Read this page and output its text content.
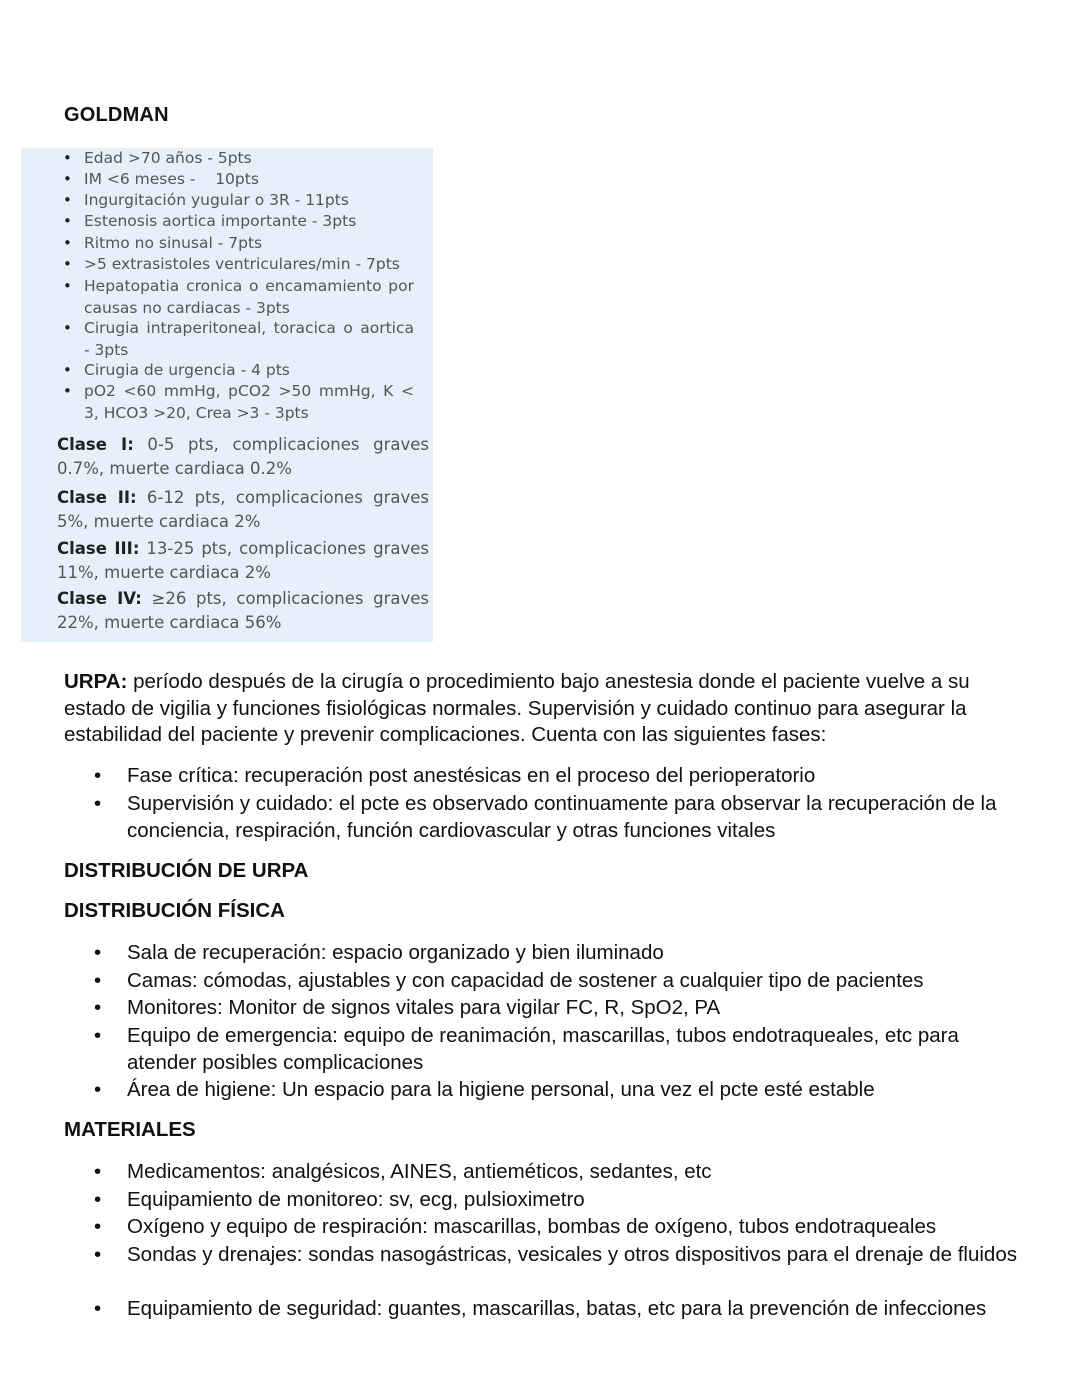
GOLDMAN
• Edad >70 años - 5pts
• IM <6 meses -    10pts
• Ingurgitación yugular o 3R - 11pts
• Estenosis aortica importante - 3pts
• Ritmo no sinusal - 7pts
• >5 extrasistoles ventriculares/min - 7pts
• Hepatopatia cronica o encamamiento por causas no cardiacas - 3pts
• Cirugia intraperitoneal, toracica o aortica - 3pts
• Cirugia de urgencia - 4 pts
• pO2 <60 mmHg, pCO2 >50 mmHg, K < 3, HCO3 >20, Crea >3 - 3pts
Clase I: 0-5 pts, complicaciones graves 0.7%, muerte cardiaca 0.2%
Clase II: 6-12 pts, complicaciones graves 5%, muerte cardiaca 2%
Clase III: 13-25 pts, complicaciones graves 11%, muerte cardiaca 2%
Clase IV: ≥26 pts, complicaciones graves 22%, muerte cardiaca 56%
URPA: período después de la cirugía o procedimiento bajo anestesia donde el paciente vuelve a su estado de vigilia y funciones fisiológicas normales. Supervisión y cuidado continuo para asegurar la estabilidad del paciente y prevenir complicaciones. Cuenta con las siguientes fases:
• Fase crítica: recuperación post anestésicas en el proceso del perioperatorio
• Supervisión y cuidado: el pcte es observado continuamente para observar la recuperación de la conciencia, respiración, función cardiovascular y otras funciones vitales
DISTRIBUCIÓN DE URPA
DISTRIBUCIÓN FÍSICA
• Sala de recuperación: espacio organizado y bien iluminado
• Camas: cómodas, ajustables y con capacidad de sostener a cualquier tipo de pacientes
• Monitores: Monitor de signos vitales para vigilar FC, R, SpO2, PA
• Equipo de emergencia: equipo de reanimación, mascarillas, tubos endotraqueales, etc para atender posibles complicaciones
• Área de higiene: Un espacio para la higiene personal, una vez el pcte esté estable
MATERIALES
• Medicamentos: analgésicos, AINES, antieméticos, sedantes, etc
• Equipamiento de monitoreo: sv, ecg, pulsioximetro
• Oxígeno y equipo de respiración: mascarillas, bombas de oxígeno, tubos endotraqueales
• Sondas y drenajes: sondas nasogástricas, vesicales y otros dispositivos para el drenaje de fluidos
• Equipamiento de seguridad: guantes, mascarillas, batas, etc para la prevención de infecciones
